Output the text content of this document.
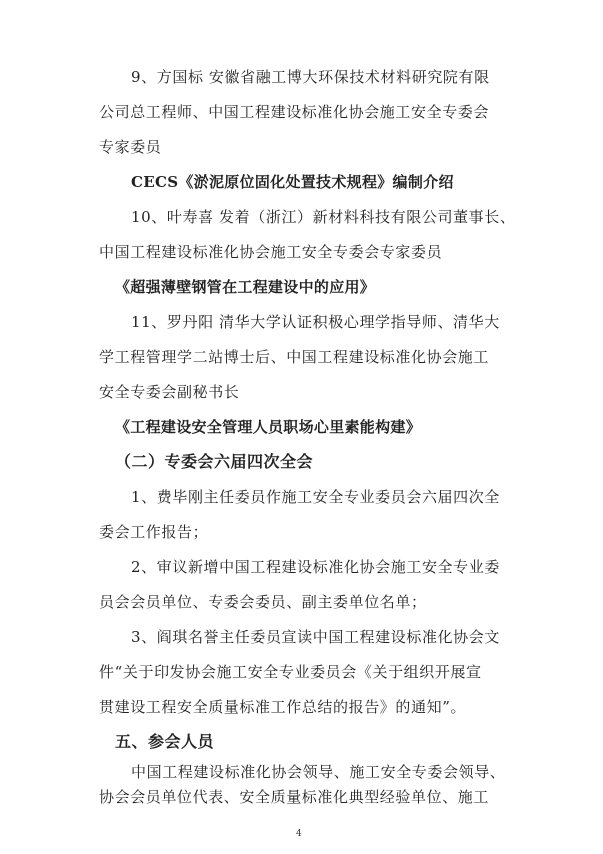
9、方国标 安徽省融工博大环保技术材料研究院有限
公司总工程师、中国工程建设标准化协会施工安全专委会
专家委员
CECS《淤泥原位固化处置技术规程》编制介绍
10、叶寿喜 发着（浙江）新材料科技有限公司董事长、
中国工程建设标准化协会施工安全专委会专家委员
《超强薄壁钢管在工程建设中的应用》
11、罗丹阳 清华大学认证积极心理学指导师、清华大
学工程管理学二站博士后、中国工程建设标准化协会施工
安全专委会副秘书长
《工程建设安全管理人员职场心里素能构建》
（二）专委会六届四次全会
1、费毕刚主任委员作施工安全专业委员会六届四次全
委会工作报告；
2、审议新增中国工程建设标准化协会施工安全专业委
员会会员单位、专委会委员、副主委单位名单；
3、阎琪名誉主任委员宣读中国工程建设标准化协会文
件“关于印发协会施工安全专业委员会《关于组织开展宣
贯建设工程安全质量标准工作总结的报告》的通知”。
五、参会人员
中国工程建设标准化协会领导、施工安全专委会领导、
协会会员单位代表、安全质量标准化典型经验单位、施工
4
